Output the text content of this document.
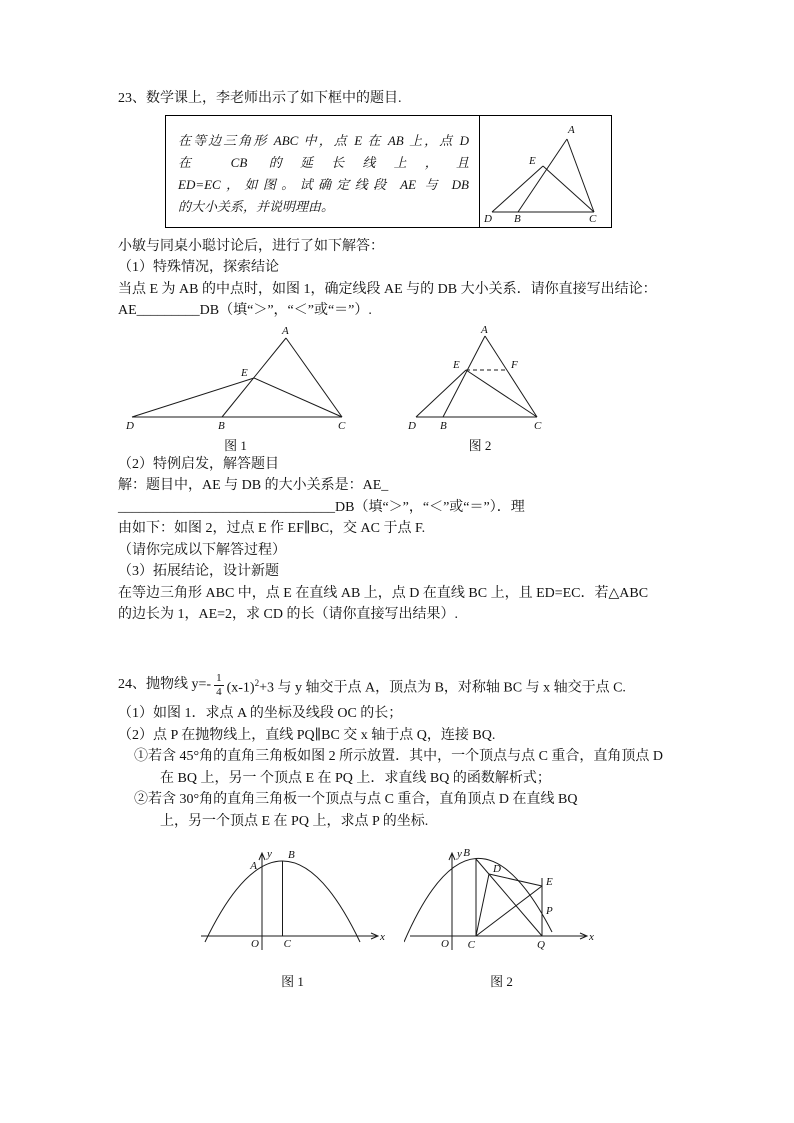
23、数学课上，李老师出示了如下框中的题目.

在等边三角形 ABC 中，点 E 在 AB 上，点 D

在 CB 的延长线上，且

ED=EC，如图。试确定线段 AE 与 DB

的大小关系，并说明理由。

A
E
D B	C

小敏与同桌小聪讨论后，进行了如下解答：

（1）特殊情况，探索结论

当点 E 为 AB 的中点时，如图 1，确定线段 AE 与的 DB 大小关系．请你直接写出结论：

AE_________DB（填“＞”，“＜”或“＝”）.

A
E
D	B	C
图 1
A
E	F
D B	C
图 2

（2）特例启发，解答题目

解：题目中，AE 与 DB 的大小关系是：AE_

_______________________________DB（填“＞”，“＜”或“＝”）．理

由如下：如图 2，过点 E 作 EF∥BC，交 AC 于点 F.

（请你完成以下解答过程）

（3）拓展结论，设计新题

在等边三角形 ABC 中，点 E 在直线 AB 上，点 D 在直线 BC 上，且 ED=EC．若△ABC

的边长为 1，AE=2，求 CD 的长（请你直接写出结果）.

24、抛物线 $y=- \frac{1}{4} (x-1)^2+3$ 与 y 轴交于点 A，顶点为 B，对称轴 BC 与 x 轴交于点 C.

（1）如图 1．求点 A 的坐标及线段 OC 的长；

（2）点 P 在抛物线上，直线 PQ∥BC 交 x 轴于点 Q，连接 BQ.

①若含 45°角的直角三角板如图 2 所示放置．其中，一个顶点与点 C 重合，直角顶点 D

在 BQ 上，另一 个顶点 E 在 PQ 上．求直线 BQ 的函数解析式；

②若含 30°角的直角三角板一个顶点与点 C 重合，直角顶点 D 在直线 BQ

上，另一个顶点 E 在 PQ 上，求点 P 的坐标.

y
x
A
B
O C
图 1
y
x
B
D
E
P
O C	Q
图 2
